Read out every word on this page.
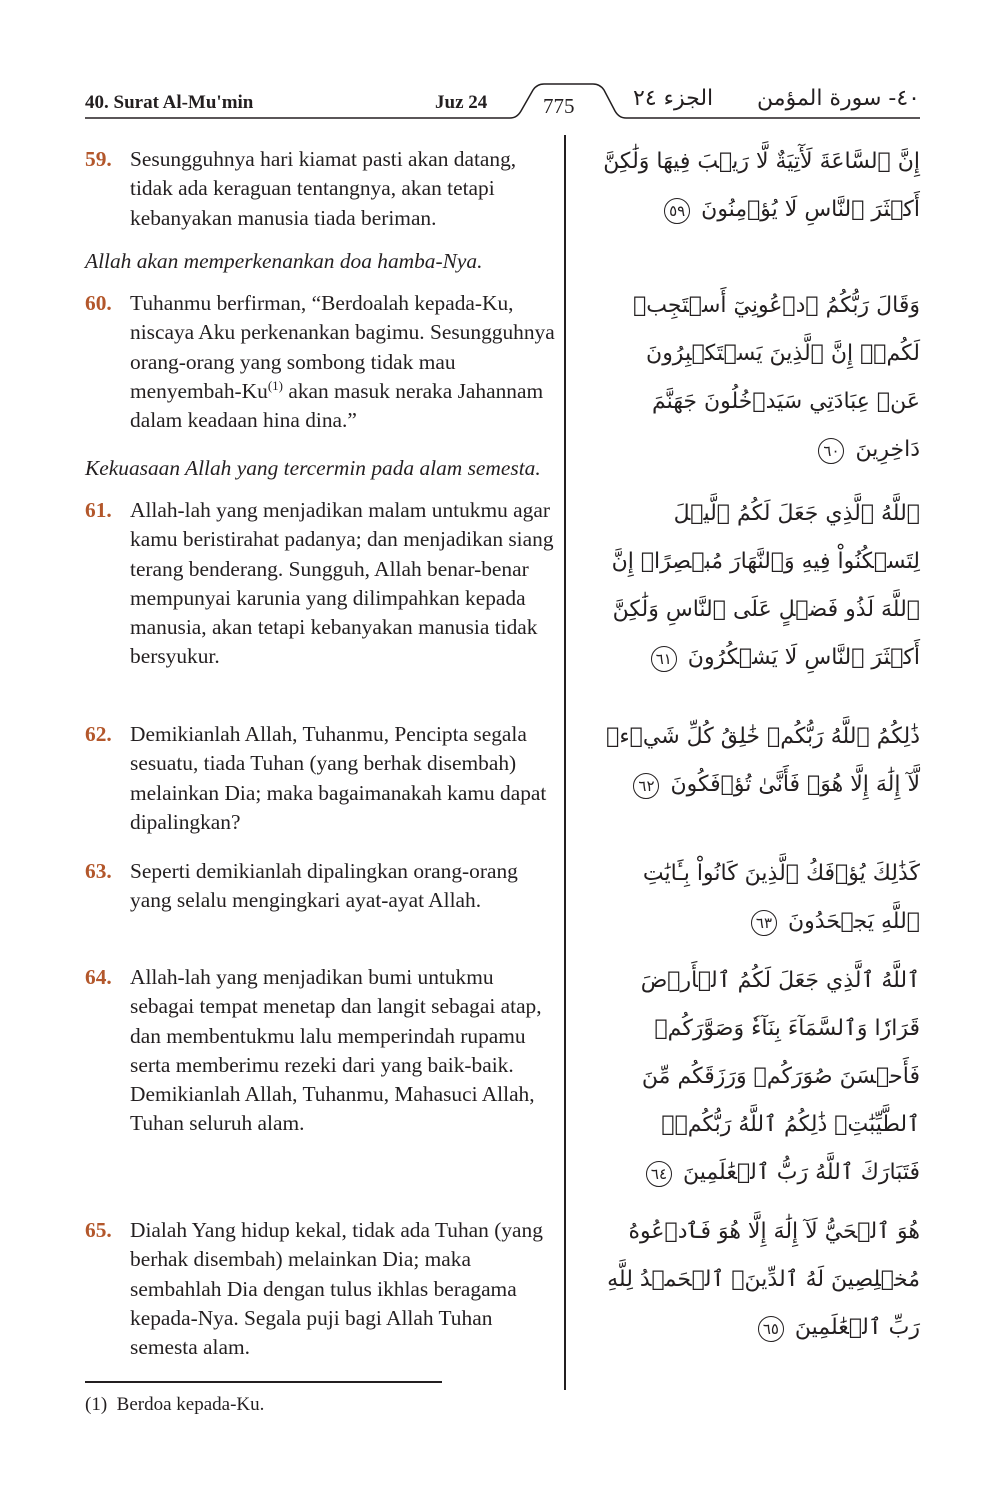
40. Surat Al-Mu'min	Juz 24	775	الجزء ٢٤ ٤٠- سورة المؤمن
59. Sesungguhnya hari kiamat pasti akan datang, tidak ada keraguan tentangnya, akan tetapi kebanyakan manusia tiada beriman.
Allah akan memperkenankan doa hamba-Nya.
60. Tuhanmu berfirman, “Berdoalah kepada-Ku, niscaya Aku perkenankan bagimu. Sesungguhnya orang-orang yang sombong tidak mau menyembah-Ku$^{(1)}$ akan masuk neraka Jahannam dalam keadaan hina dina.”
Kekuasaan Allah yang tercermin pada alam semesta.
61. Allah-lah yang menjadikan malam untukmu agar kamu beristirahat padanya; dan menjadikan siang terang benderang. Sungguh, Allah benar-benar mempunyai karunia yang dilimpahkan kepada manusia, akan tetapi kebanyakan manusia tidak bersyukur.
62. Demikianlah Allah, Tuhanmu, Pencipta segala sesuatu, tiada Tuhan (yang berhak disembah) melainkan Dia; maka bagaimanakah kamu dapat dipalingkan?
63. Seperti demikianlah dipalingkan orang-orang yang selalu mengingkari ayat-ayat Allah.
64. Allah-lah yang menjadikan bumi untukmu sebagai tempat menetap dan langit sebagai atap, dan membentukmu lalu memperindah rupamu serta memberimu rezeki dari yang baik-baik. Demikianlah Allah, Tuhanmu, Mahasuci Allah, Tuhan seluruh alam.
65. Dialah Yang hidup kekal, tidak ada Tuhan (yang berhak disembah) melainkan Dia; maka sembahlah Dia dengan tulus ikhlas beragama kepada-Nya. Segala puji bagi Allah Tuhan semesta alam.
إِنَّ ٱلسَّاعَةَ لَأٓتِيَةٌ لَّا رَيۡبَ فِيهَا وَلَٰكِنَّ أَكۡثَرَ ٱلنَّاسِ لَا يُؤۡمِنُونَ ٥٩
وَقَالَ رَبُّكُمُ ٱدۡعُونِيٓ أَسۡتَجِبۡ لَكُمۡۚ إِنَّ ٱلَّذِينَ يَسۡتَكۡبِرُونَ عَنۡ عِبَادَتِي سَيَدۡخُلُونَ جَهَنَّمَ دَاخِرِينَ ٦٠
ٱللَّهُ ٱلَّذِي جَعَلَ لَكُمُ ٱلَّيۡلَ لِتَسۡكُنُواْ فِيهِ وَٱلنَّهَارَ مُبۡصِرًاۚ إِنَّ ٱللَّهَ لَذُو فَضۡلٍ عَلَى ٱلنَّاسِ وَلَٰكِنَّ أَكۡثَرَ ٱلنَّاسِ لَا يَشۡكُرُونَ ٦١
ذَٰلِكُمُ ٱللَّهُ رَبُّكُمۡ خَٰلِقُ كُلِّ شَيۡءٖ لَّآ إِلَٰهَ إِلَّا هُوَۖ فَأَنَّىٰ تُؤۡفَكُونَ ٦٢
كَذَٰلِكَ يُؤۡفَكُ ٱلَّذِينَ كَانُواْ بِـَٔايَٰتِ ٱللَّهِ يَجۡحَدُونَ ٦٣
ٱللَّهُ ٱلَّذِي جَعَلَ لَكُمُ ٱلۡأَرۡضَ قَرَارٗا وَٱلسَّمَآءَ بِنَآءٗ وَصَوَّرَكُمۡ فَأَحۡسَنَ صُوَرَكُمۡ وَرَزَقَكُم مِّنَ ٱلطَّيِّبَٰتِۚ ذَٰلِكُمُ ٱللَّهُ رَبُّكُمۡۖ فَتَبَارَكَ ٱللَّهُ رَبُّ ٱلۡعَٰلَمِينَ ٦٤
هُوَ ٱلۡحَيُّ لَآ إِلَٰهَ إِلَّا هُوَ فَٱدۡعُوهُ مُخۡلِصِينَ لَهُ ٱلدِّينَۗ ٱلۡحَمۡدُ لِلَّهِ رَبِّ ٱلۡعَٰلَمِينَ ٦٥
(1) Berdoa kepada-Ku.
